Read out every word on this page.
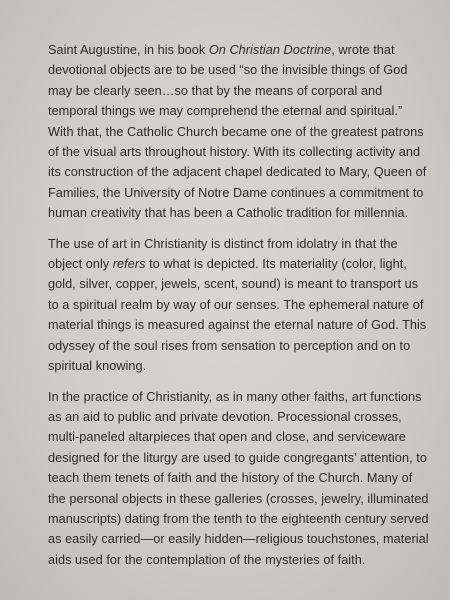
Saint Augustine, in his book On Christian Doctrine, wrote that
devotional objects are to be used “so the invisible things of God
may be clearly seen…so that by the means of corporal and
temporal things we may comprehend the eternal and spiritual.”
With that, the Catholic Church became one of the greatest patrons
of the visual arts throughout history. With its collecting activity and
its construction of the adjacent chapel dedicated to Mary, Queen of
Families, the University of Notre Dame continues a commitment to
human creativity that has been a Catholic tradition for millennia.

The use of art in Christianity is distinct from idolatry in that the
object only refers to what is depicted. Its materiality (color, light,
gold, silver, copper, jewels, scent, sound) is meant to transport us
to a spiritual realm by way of our senses. The ephemeral nature of
material things is measured against the eternal nature of God. This
odyssey of the soul rises from sensation to perception and on to
spiritual knowing.

In the practice of Christianity, as in many other faiths, art functions
as an aid to public and private devotion. Processional crosses,
multi-paneled altarpieces that open and close, and serviceware
designed for the liturgy are used to guide congregants’ attention, to
teach them tenets of faith and the history of the Church. Many of
the personal objects in these galleries (crosses, jewelry, illuminated
manuscripts) dating from the tenth to the eighteenth century served
as easily carried—or easily hidden—religious touchstones, material
aids used for the contemplation of the mysteries of faith.
